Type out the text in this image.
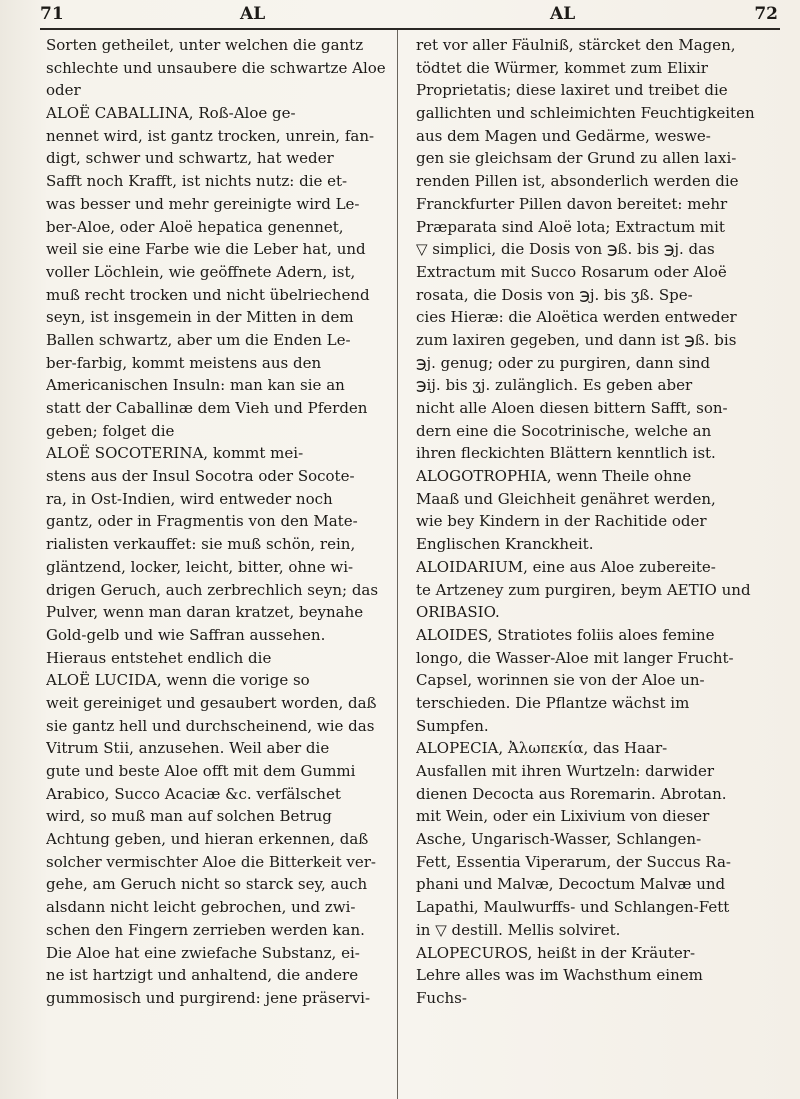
71	AL	AL	72
Sorten getheilet, unter welchen die gantz
schlechte und unsaubere die schwartze Aloe
oder
ALOË CABALLINA, Roß-Aloe ge-
nennet wird, ist gantz trocken, unrein, fan-
digt, schwer und schwartz, hat weder
Safft noch Krafft, ist nichts nutz: die et-
was besser und mehr gereinigte wird Le-
ber-Aloe, oder Aloë hepatica genennet,
weil sie eine Farbe wie die Leber hat, und
voller Löchlein, wie geöffnete Adern, ist,
muß recht trocken und nicht übelriechend
seyn, ist insgemein in der Mitten in dem
Ballen schwartz, aber um die Enden Le-
ber-farbig, kommt meistens aus den
Americanischen Insuln: man kan sie an
statt der Caballinæ dem Vieh und Pferden
geben; folget die
ALOË SOCOTERINA, kommt mei-
stens aus der Insul Socotra oder Socote-
ra, in Ost-Indien, wird entweder noch
gantz, oder in Fragmentis von den Mate-
rialisten verkauffet: sie muß schön, rein,
gläntzend, locker, leicht, bitter, ohne wi-
drigen Geruch, auch zerbrechlich seyn; das
Pulver, wenn man daran kratzet, beynahe
Gold-gelb und wie Saffran aussehen.
Hieraus entstehet endlich die
ALOË LUCIDA, wenn die vorige so
weit gereiniget und gesaubert worden, daß
sie gantz hell und durchscheinend, wie das
Vitrum Stii, anzusehen. Weil aber die
gute und beste Aloe offt mit dem Gummi
Arabico, Succo Acaciæ &c. verfälschet
wird, so muß man auf solchen Betrug
Achtung geben, und hieran erkennen, daß
solcher vermischter Aloe die Bitterkeit ver-
gehe, am Geruch nicht so starck sey, auch
alsdann nicht leicht gebrochen, und zwi-
schen den Fingern zerrieben werden kan.
Die Aloe hat eine zwiefache Substanz, ei-
ne ist hartzigt und anhaltend, die andere
gummosisch und purgirend: jene präservi-
ret vor aller Fäulniß, stärcket den Magen,
tödtet die Würmer, kommet zum Elixir
Proprietatis; diese laxiret und treibet die
gallichten und schleimichten Feuchtigkeiten
aus dem Magen und Gedärme, weswe-
gen sie gleichsam der Grund zu allen laxi-
renden Pillen ist, absonderlich werden die
Franckfurter Pillen davon bereitet: mehr
Præparata sind Aloë lota; Extractum mit
▽ simplici, die Dosis von ℈ß. bis ℈j. das
Extractum mit Succo Rosarum oder Aloë
rosata, die Dosis von ℈j. bis ʒß. Spe-
cies Hieræ: die Aloëtica werden entweder
zum laxiren gegeben, und dann ist ℈ß. bis
℈j. genug; oder zu purgiren, dann sind
℈ij. bis ʒj. zulänglich. Es geben aber
nicht alle Aloen diesen bittern Safft, son-
dern eine die Socotrinische, welche an
ihren fleckichten Blättern kenntlich ist.
ALOGOTROPHIA, wenn Theile ohne
Maaß und Gleichheit genähret werden,
wie bey Kindern in der Rachitide oder
Englischen Kranckheit.
ALOIDARIUM, eine aus Aloe zubereite-
te Artzeney zum purgiren, beym AETIO und
ORIBASIO.
ALOIDES, Stratiotes foliis aloes femine
longo, die Wasser-Aloe mit langer Frucht-
Capsel, worinnen sie von der Aloe un-
terschieden. Die Pflantze wächst im
Sumpfen.
ALOPECIA, Ἀλωπεκία, das Haar-
Ausfallen mit ihren Wurtzeln: darwider
dienen Decocta aus Roremarin. Abrotan.
mit Wein, oder ein Lixivium von dieser
Asche, Ungarisch-Wasser, Schlangen-
Fett, Essentia Viperarum, der Succus Ra-
phani und Malvæ, Decoctum Malvæ und
Lapathi, Maulwurffs- und Schlangen-Fett
in ▽ destill. Mellis solviret.
ALOPECUROS, heißt in der Kräuter-
Lehre alles was im Wachsthum einem
Fuchs-
